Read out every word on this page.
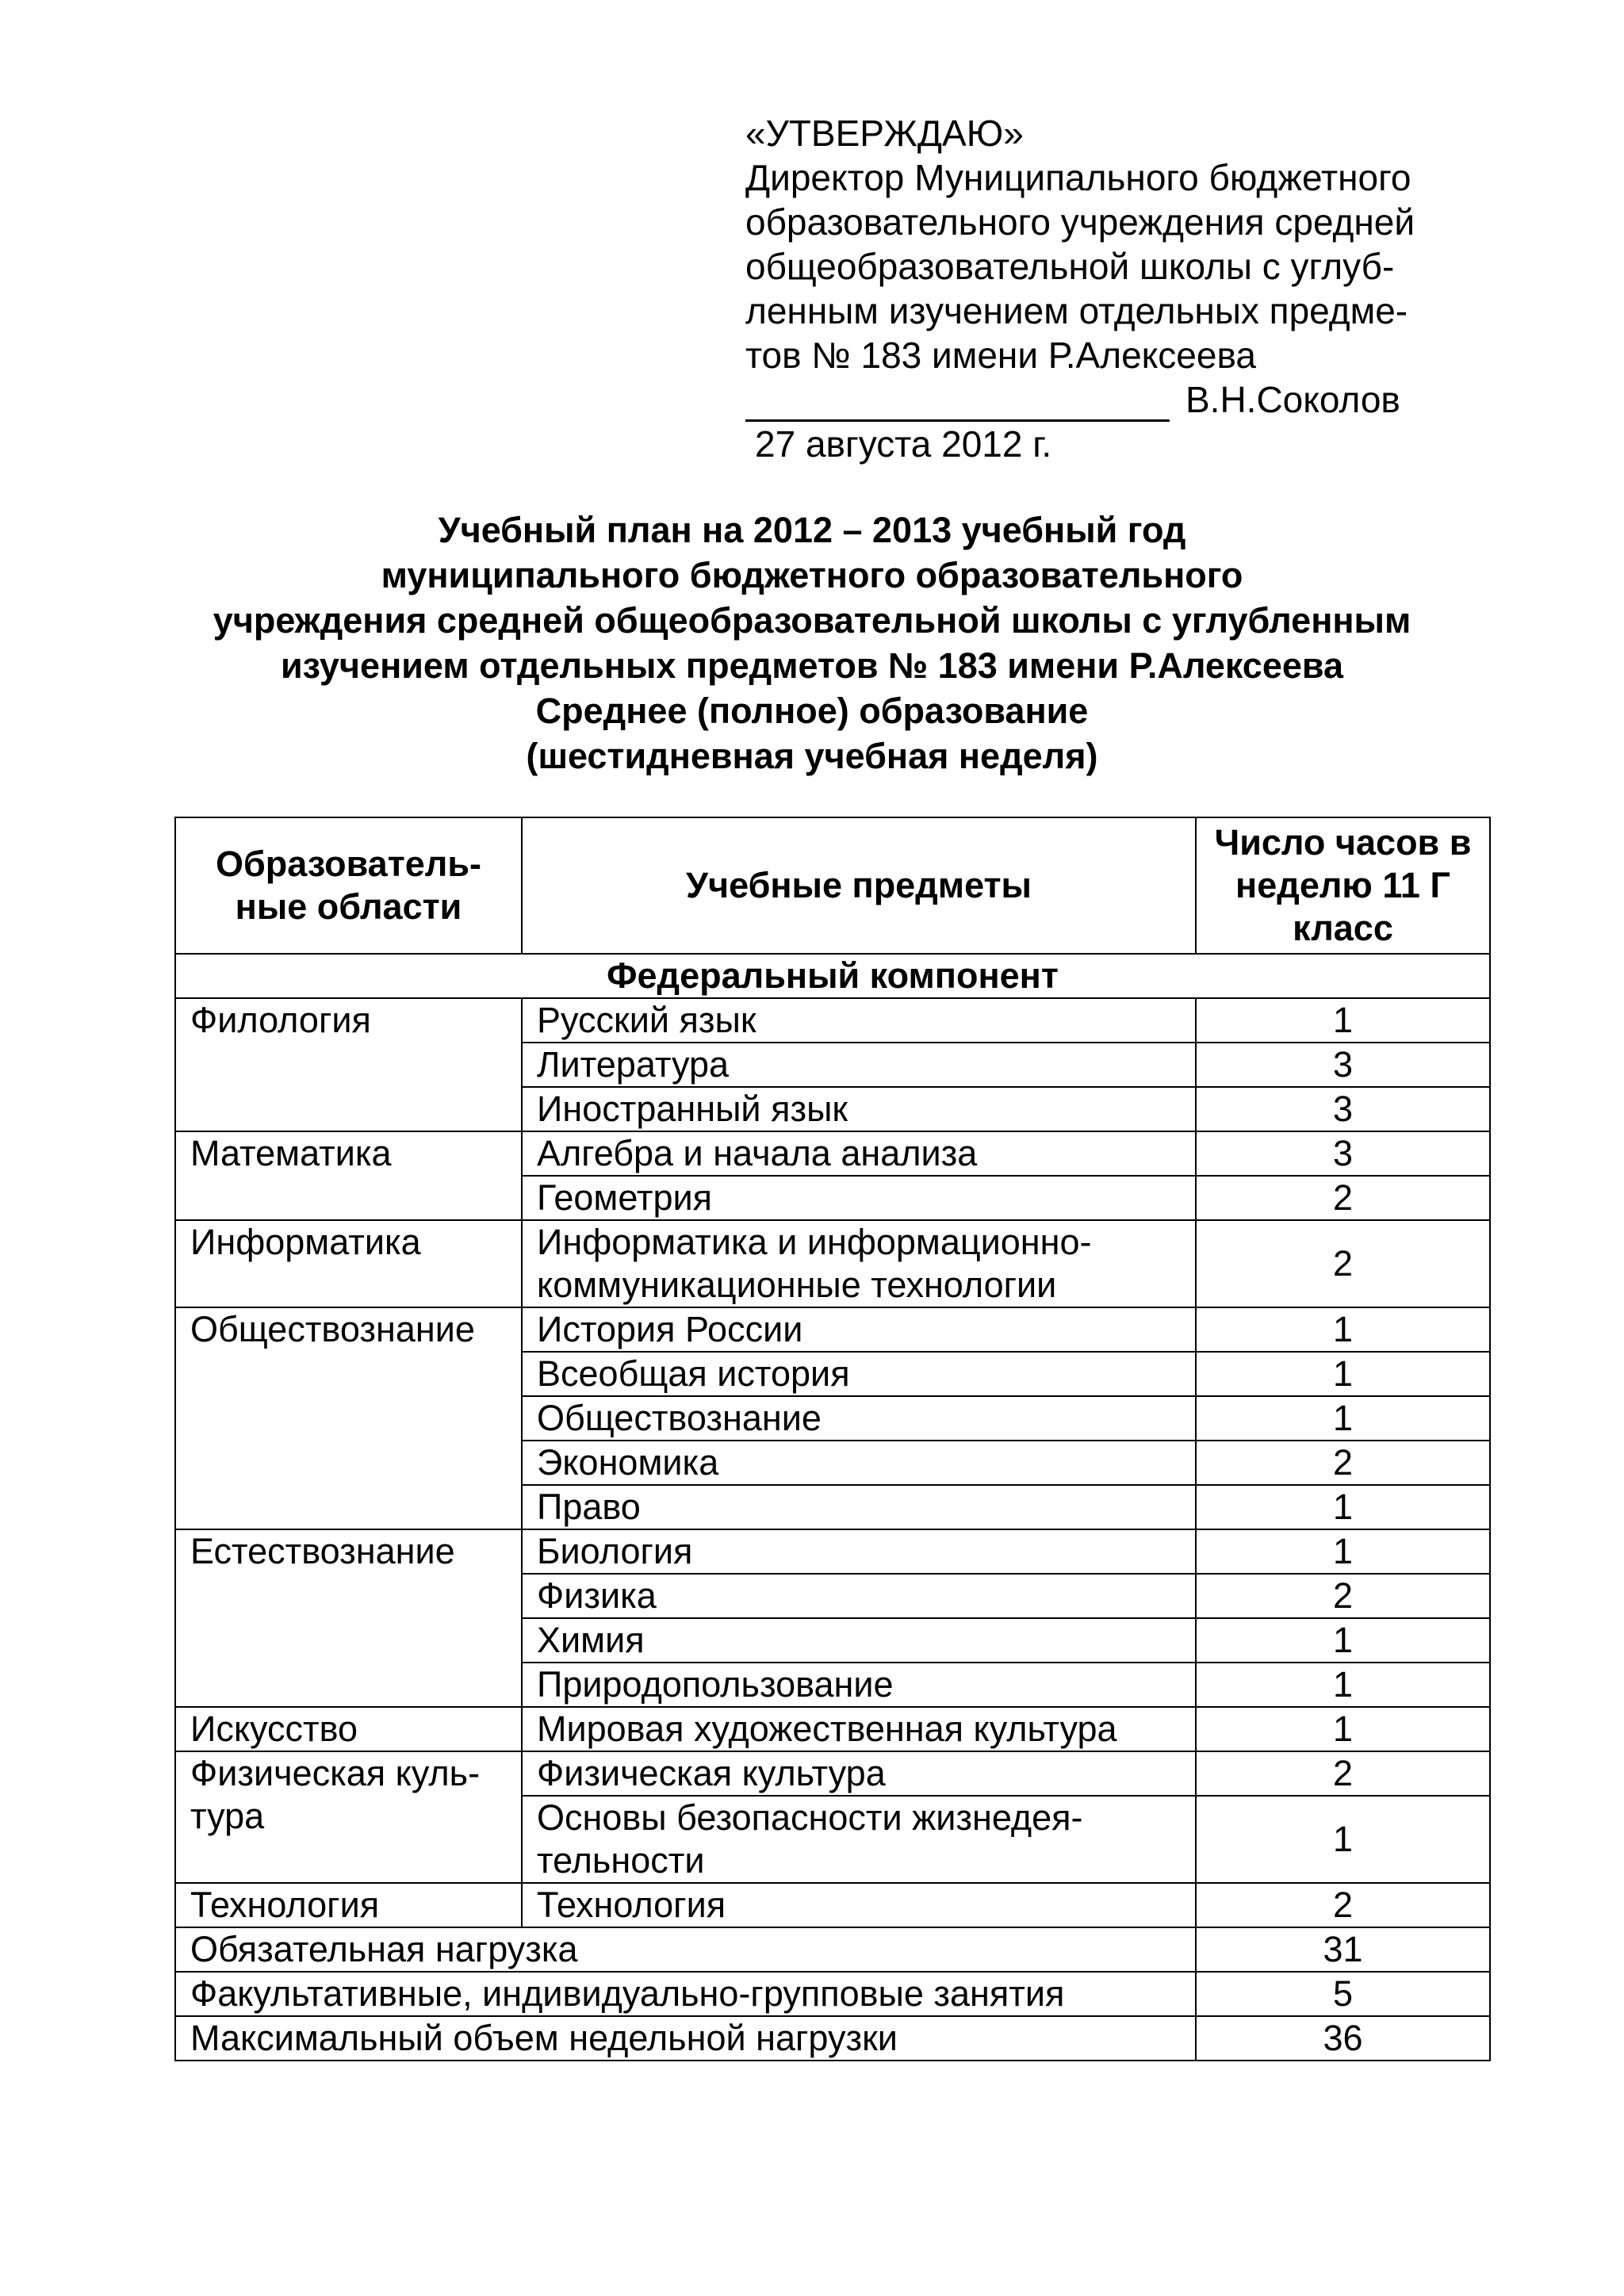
«УТВЕРЖДАЮ»
Директор Муниципального бюджетного
образовательного учреждения средней
общеобразовательной школы с углуб-
ленным изучением отдельных предме-
тов № 183 имени Р.Алексеева
В.Н.Соколов
27 августа 2012 г.
Учебный план на 2012 – 2013 учебный год
муниципального бюджетного образовательного
учреждения средней общеобразовательной школы с углубленным
изучением отдельных предметов № 183 имени Р.Алексеева
Среднее (полное) образование
(шестидневная учебная неделя)
Образователь-ные области	Учебные предметы	Число часов в неделю 11 Г класс
Федеральный компонент		
Филология	Русский язык	1
	Литература	3
	Иностранный язык	3
Математика	Алгебра и начала анализа	3
	Геометрия	2
Информатика	Информатика и информационно-коммуникационные технологии	2
Обществознание	История России	1
	Всеобщая история	1
	Обществознание	1
	Экономика	2
	Право	1
Естествознание	Биология	1
	Физика	2
	Химия	1
	Природопользование	1
Искусство	Мировая художественная культура	1
Физическая куль-тура	Физическая культура	2
	Основы безопасности жизнедея-тельности	1
Технология	Технология	2
Обязательная нагрузка		31
Факультативные, индивидуально-групповые занятия		5
Максимальный объем недельной нагрузки		36
